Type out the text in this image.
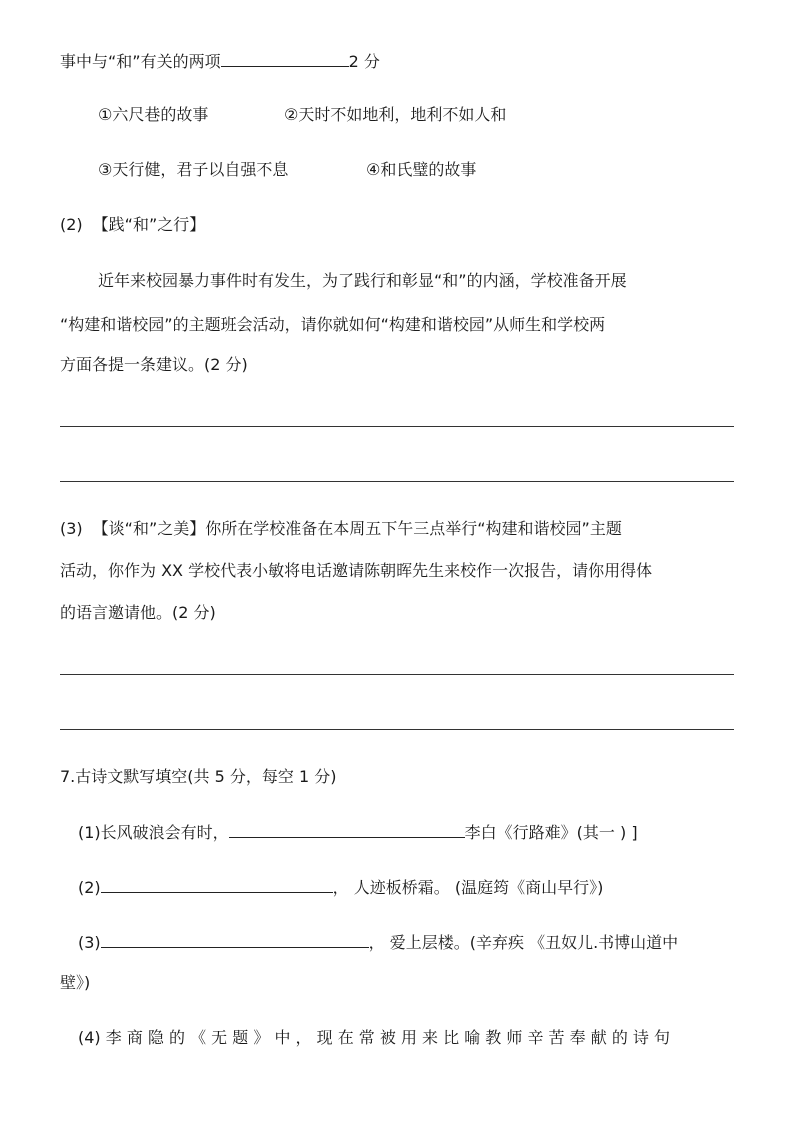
事中与“和”有关的两项	2 分
①六尺巷的故事	②天时不如地利，地利不如人和
③天行健，君子以自强不息	④和氏璧的故事
(2) 【践“和”之行】
近年来校园暴力事件时有发生，为了践行和彰显“和”的内涵，学校准备开展
“构建和谐校园”的主题班会活动，请你就如何“构建和谐校园”从师生和学校两
方面各提一条建议。(2 分)
(3) 【谈“和”之美】你所在学校准备在本周五下午三点举行“构建和谐校园”主题
活动，你作为 XX 学校代表小敏将电话邀请陈朝晖先生来校作一次报告，请你用得体
的语言邀请他。(2 分)
7.古诗文默写填空(共 5 分，每空 1 分)
(1)长风破浪会有时，	李白《行路难》(其一 ) ]
(2)	， 人迹板桥霜。 (温庭筠《商山早行》)
(3)	， 爱上层楼。(辛弃疾 《丑奴儿.书博山道中
壁》)
(4) 李 商 隐 的 《 无 题 》 中 ， 现 在 常 被 用 来 比 喻 教 师 辛 苦 奉 献 的 诗 句
